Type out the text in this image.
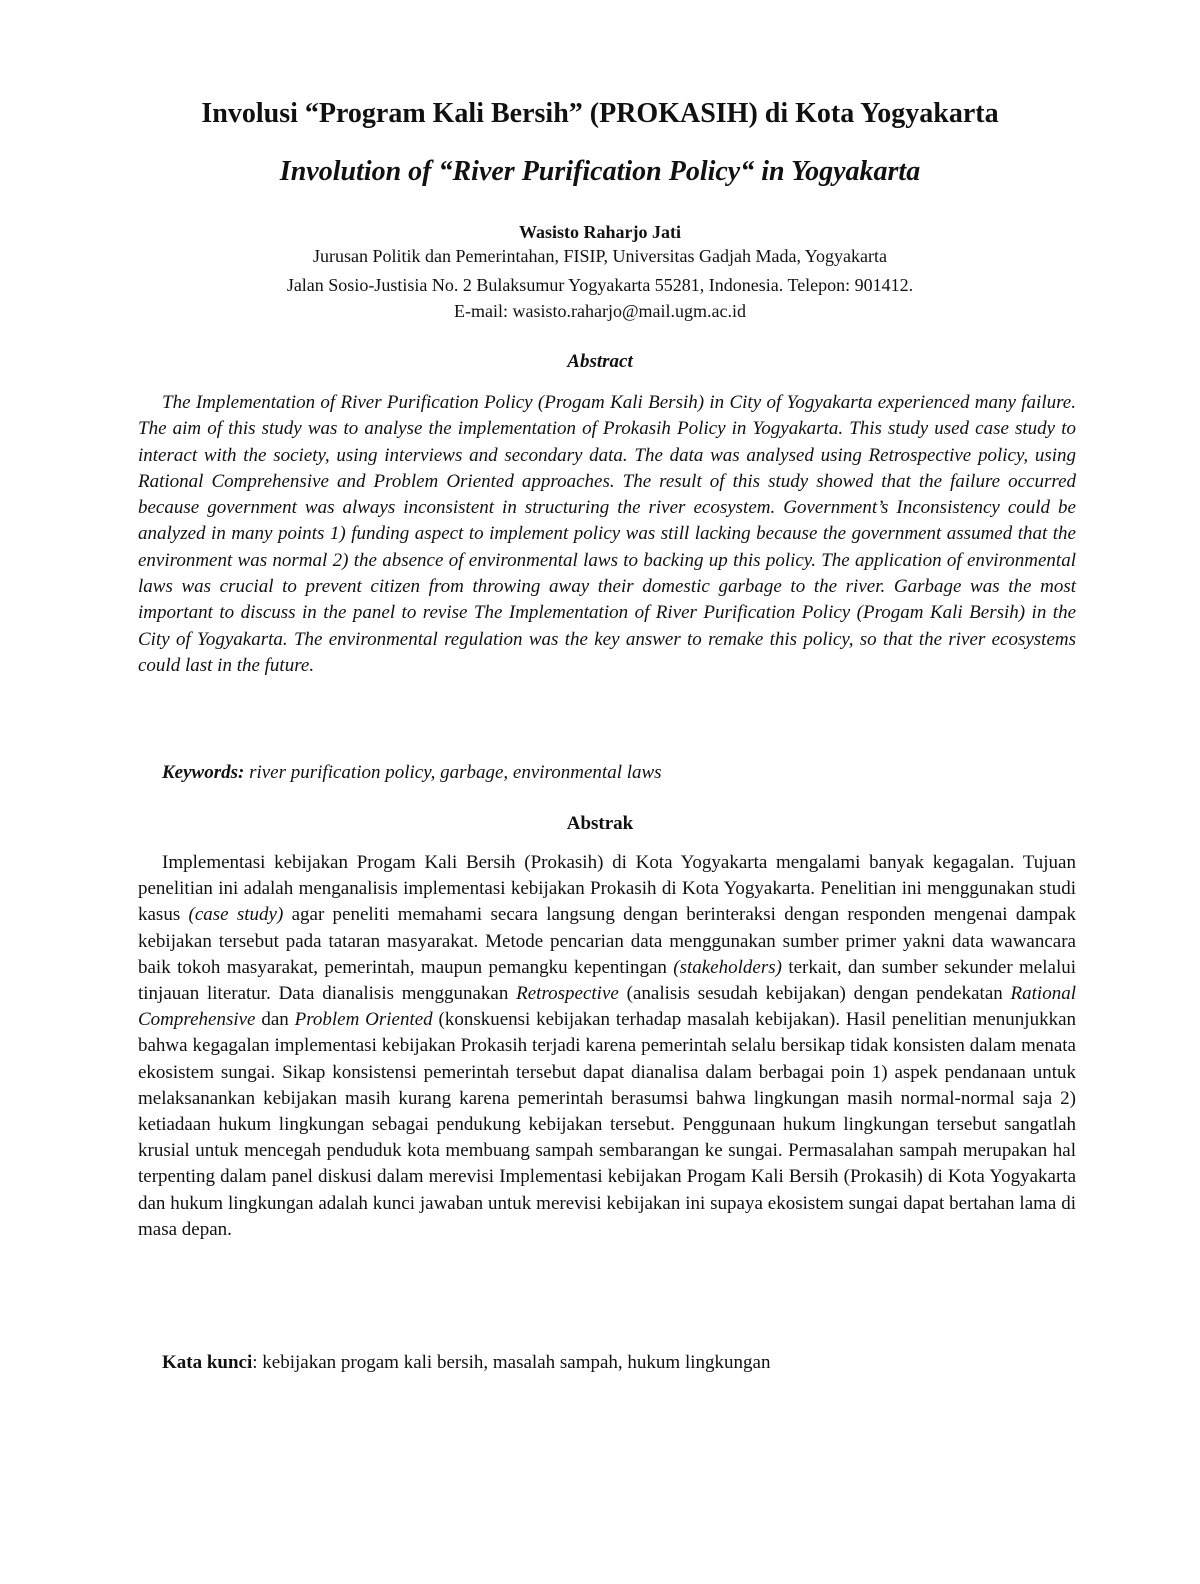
Involusi “Program Kali Bersih” (PROKASIH) di Kota Yogyakarta
Involution of “River Purification Policy“ in Yogyakarta
Wasisto Raharjo Jati
Jurusan Politik dan Pemerintahan, FISIP, Universitas Gadjah Mada, Yogyakarta
Jalan Sosio-Justisia No. 2 Bulaksumur Yogyakarta 55281, Indonesia. Telepon: 901412.
E-mail: wasisto.raharjo@mail.ugm.ac.id
Abstract

The Implementation of River Purification Policy (Progam Kali Bersih) in City of Yogyakarta experienced many failure. The aim of this study was to analyse the implementation of Prokasih Policy in Yogyakarta. This study used case study to interact with the society, using interviews and secondary data. The data was analysed using Retrospective policy, using Rational Comprehensive and Problem Oriented approaches. The result of this study showed that the failure occurred because government was always inconsistent in structuring the river ecosystem. Government’s Inconsistency could be analyzed in many points 1) funding aspect to implement policy was still lacking because the government assumed that the environment was normal 2) the absence of environmental laws to backing up this policy. The application of environmental laws was crucial to prevent citizen from throwing away their domestic garbage to the river. Garbage was the most important to discuss in the panel to revise The Implementation of River Purification Policy (Progam Kali Bersih) in the City of Yogyakarta. The environmental regulation was the key answer to remake this policy, so that the river ecosystems could last in the future.

Keywords: river purification policy, garbage, environmental laws

Abstrak

Implementasi kebijakan Progam Kali Bersih (Prokasih) di Kota Yogyakarta mengalami banyak kegagalan. Tujuan penelitian ini adalah menganalisis implementasi kebijakan Prokasih di Kota Yogyakarta. Penelitian ini menggunakan studi kasus (case study) agar peneliti memahami secara langsung dengan berinteraksi dengan responden mengenai dampak kebijakan tersebut pada tataran masyarakat. Metode pencarian data menggunakan sumber primer yakni data wawancara baik tokoh masyarakat, pemerintah, maupun pemangku kepentingan (stakeholders) terkait, dan sumber sekunder melalui tinjauan literatur. Data dianalisis menggunakan Retrospective (analisis sesudah kebijakan) dengan pendekatan Rational Comprehensive dan Problem Oriented (konskuensi kebijakan terhadap masalah kebijakan). Hasil penelitian menunjukkan bahwa kegagalan implementasi kebijakan Prokasih terjadi karena pemerintah selalu bersikap tidak konsisten dalam menata ekosistem sungai. Sikap konsistensi pemerintah tersebut dapat dianalisa dalam berbagai poin 1) aspek pendanaan untuk melaksanankan kebijakan masih kurang karena pemerintah berasumsi bahwa lingkungan masih normal-normal saja 2) ketiadaan hukum lingkungan sebagai pendukung kebijakan tersebut. Penggunaan hukum lingkungan tersebut sangatlah krusial untuk mencegah penduduk kota membuang sampah sembarangan ke sungai. Permasalahan sampah merupakan hal terpenting dalam panel diskusi dalam merevisi Implementasi kebijakan Progam Kali Bersih (Prokasih) di Kota Yogyakarta dan hukum lingkungan adalah kunci jawaban untuk merevisi kebijakan ini supaya ekosistem sungai dapat bertahan lama di masa depan.

Kata kunci: kebijakan progam kali bersih, masalah sampah, hukum lingkungan
